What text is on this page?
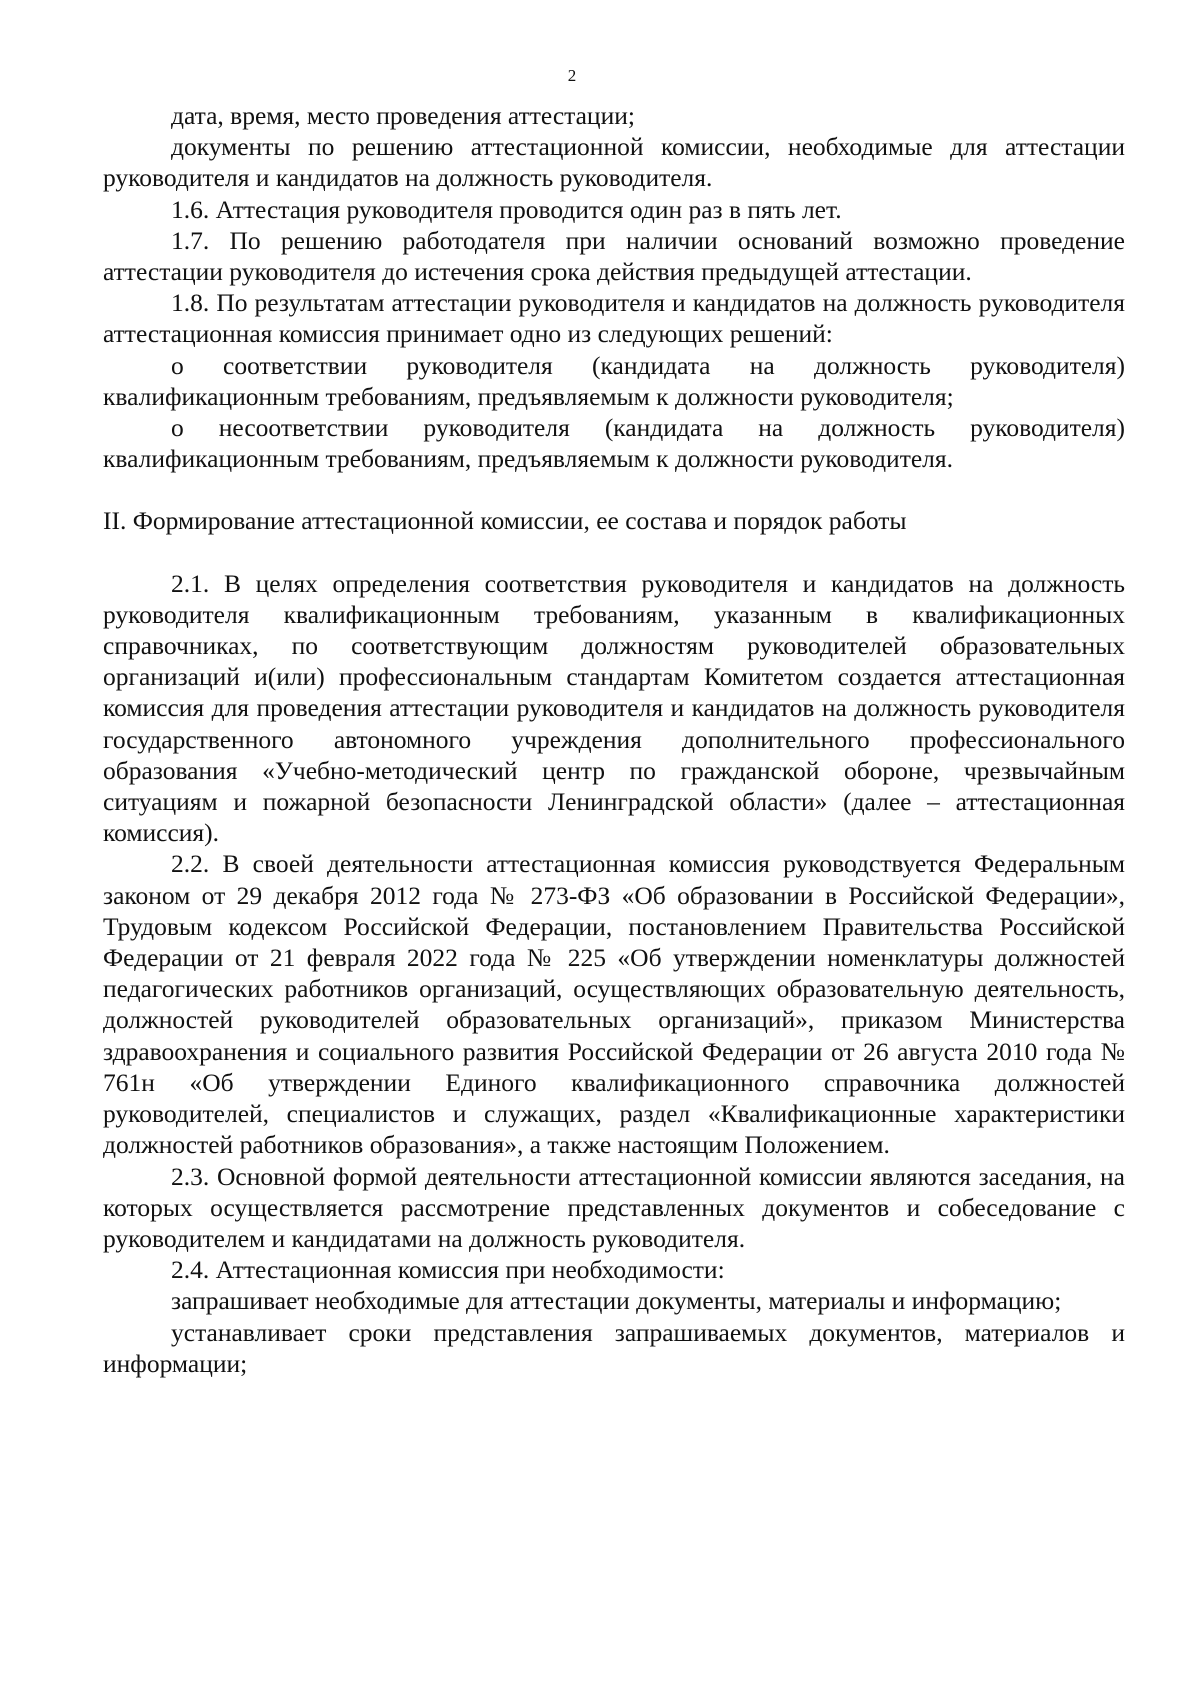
2

дата, время, место проведения аттестации;

документы по решению аттестационной комиссии, необходимые для аттестации руководителя и кандидатов на должность руководителя.

1.6. Аттестация руководителя проводится один раз в пять лет.

1.7. По решению работодателя при наличии оснований возможно проведение аттестации руководителя до истечения срока действия предыдущей аттестации.

1.8. По результатам аттестации руководителя и кандидатов на должность руководителя аттестационная комиссия принимает одно из следующих решений:

о соответствии руководителя (кандидата на должность руководителя) квалификационным требованиям, предъявляемым к должности руководителя;

о несоответствии руководителя (кандидата на должность руководителя) квалификационным требованиям, предъявляемым к должности руководителя.

II. Формирование аттестационной комиссии, ее состава и порядок работы

2.1. В целях определения соответствия руководителя и кандидатов на должность руководителя квалификационным требованиям, указанным в квалификационных справочниках, по соответствующим должностям руководителей образовательных организаций и(или) профессиональным стандартам Комитетом создается аттестационная комиссия для проведения аттестации руководителя и кандидатов на должность руководителя государственного автономного учреждения дополнительного профессионального образования «Учебно-методический центр по гражданской обороне, чрезвычайным ситуациям и пожарной безопасности Ленинградской области» (далее – аттестационная комиссия).

2.2. В своей деятельности аттестационная комиссия руководствуется Федеральным законом от 29 декабря 2012 года № 273-ФЗ «Об образовании в Российской Федерации», Трудовым кодексом Российской Федерации, постановлением Правительства Российской Федерации от 21 февраля 2022 года № 225 «Об утверждении номенклатуры должностей педагогических работников организаций, осуществляющих образовательную деятельность, должностей руководителей образовательных организаций», приказом Министерства здравоохранения и социального развития Российской Федерации от 26 августа 2010 года № 761н «Об утверждении Единого квалификационного справочника должностей руководителей, специалистов и служащих, раздел «Квалификационные характеристики должностей работников образования», а также настоящим Положением.

2.3. Основной формой деятельности аттестационной комиссии являются заседания, на которых осуществляется рассмотрение представленных документов и собеседование с руководителем и кандидатами на должность руководителя.

2.4. Аттестационная комиссия при необходимости:

запрашивает необходимые для аттестации документы, материалы и информацию;

устанавливает сроки представления запрашиваемых документов, материалов и информации;
